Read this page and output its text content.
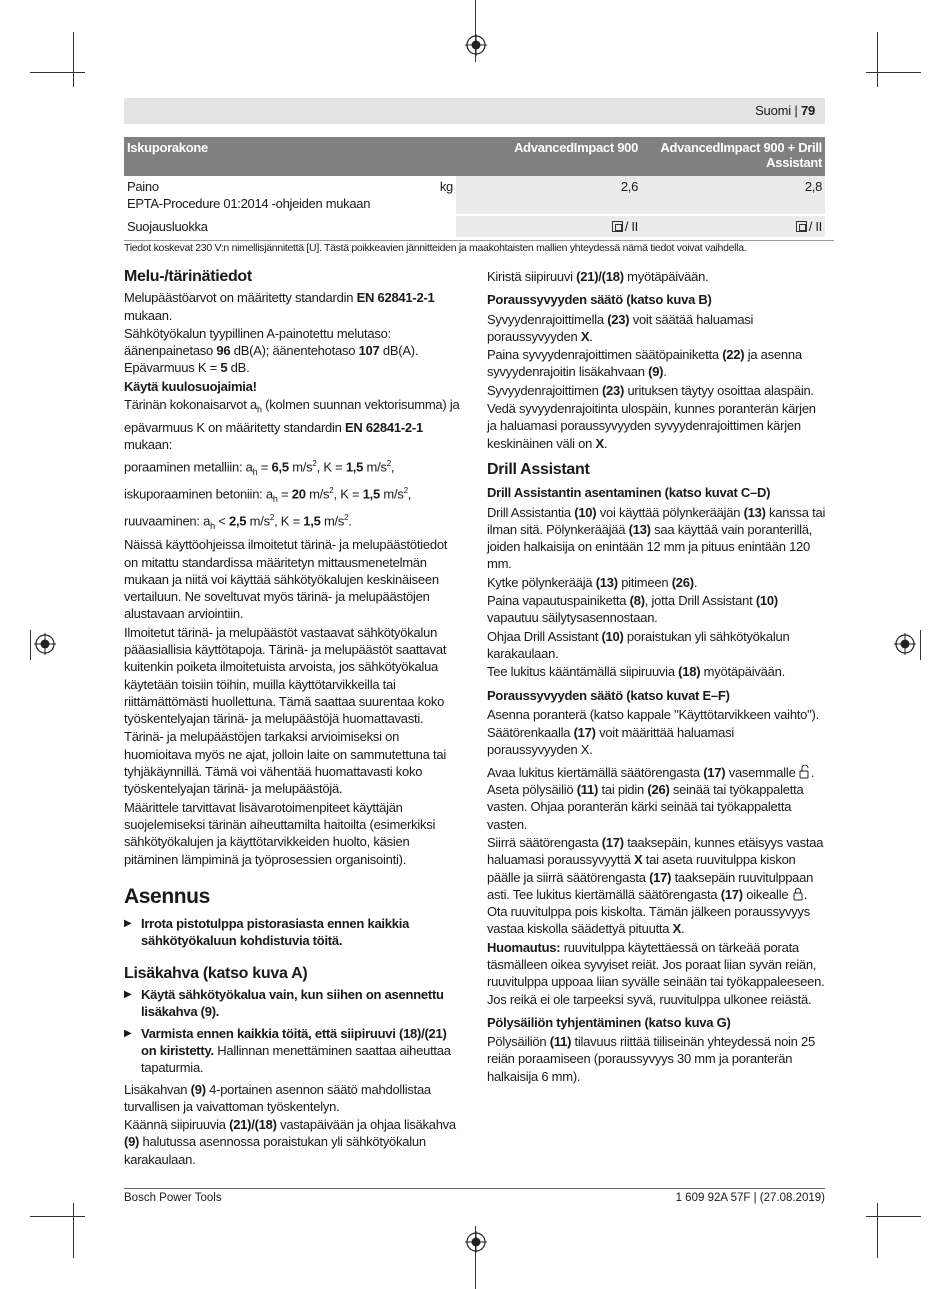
Suomi | 79
Iskuporakone		AdvancedImpact 900	AdvancedImpact 900 + Drill Assistant
Paino
EPTA-Procedure 01:2014 -ohjeiden mukaan	kg	2,6	2,8
Suojausluokka		/ II	/ II
Tiedot koskevat 230 V:n nimellisjännitettä [U]. Tästä poikkeavien jännitteiden ja maakohtaisten mallien yhteydessä nämä tiedot voivat vaihdella.
Melu-/tärinätiedot

Melupäästöarvot on määritetty standardin EN 62841-2-1 mukaan.

Sähkötyökalun tyypillinen A-painotettu melutaso: äänenpainetaso 96 dB(A); äänentehotaso 107 dB(A). Epävarmuus K = 5 dB.

Käytä kuulosuojaimia!

Tärinän kokonaisarvot $a_h$ (kolmen suunnan vektorisumma) ja epävarmuus K on määritetty standardin EN 62841-2-1 mukaan:

poraaminen metalliin: $a_h = 6,5$ $m/s^2$, K = 1,5 $m/s^2$,

iskuporaaminen betoniin: $a_h = 20$ $m/s^2$, K = 1,5 $m/s^2$,

ruuvaaminen: $a_h < 2,5$ $m/s^2$, K = 1,5 $m/s^2$.

Näissä käyttöohjeissa ilmoitetut tärinä- ja melupäästötiedot on mitattu standardissa määritetyn mittausmenetelmän mukaan ja niitä voi käyttää sähkötyökalujen keskinäiseen vertailuun. Ne soveltuvat myös tärinä- ja melupäästöjen alustavaan arviointiin.

Ilmoitetut tärinä- ja melupäästöt vastaavat sähkötyökalun pääasiallisia käyttötapoja. Tärinä- ja melupäästöt saattavat kuitenkin poiketa ilmoitetuista arvoista, jos sähkötyökalua käytetään toisiin töihin, muilla käyttötarvikkeilla tai riittämättömästi huollettuna. Tämä saattaa suurentaa koko työskentelyajan tärinä- ja melupäästöjä huomattavasti.

Tärinä- ja melupäästöjen tarkaksi arvioimiseksi on huomioitava myös ne ajat, jolloin laite on sammutettuna tai tyhjäkäynnillä. Tämä voi vähentää huomattavasti koko työskentelyajan tärinä- ja melupäästöjä.

Määrittele tarvittavat lisävarotoimenpiteet käyttäjän suojelemiseksi tärinän aiheuttamilta haitoilta (esimerkiksi sähkötyökalujen ja käyttötarvikkeiden huolto, käsien pitäminen lämpiminä ja työprosessien organisointi).

Asennus

▶ Irrota pistotulppa pistorasiasta ennen kaikkia sähkötyökaluun kohdistuvia töitä.

Lisäkahva (katso kuva A)

▶ Käytä sähkötyökalua vain, kun siihen on asennettu lisäkahva (9).

▶ Varmista ennen kaikkia töitä, että siipiruuvi (18)/(21) on kiristetty. Hallinnan menettäminen saattaa aiheuttaa tapaturmia.

Lisäkahvan (9) 4-portainen asennon säätö mahdollistaa turvallisen ja vaivattoman työskentelyn.

Käännä siipiruuvia (21)/(18) vastapäivään ja ohjaa lisäkahva (9) halutussa asennossa poraistukan yli sähkötyökalun karakaulaan.

Kiristä siipiruuvi (21)/(18) myötäpäivään.

Poraussyvyyden säätö (katso kuva B)

Syvyydenrajoittimella (23) voit säätää haluamasi poraussyvyyden X.

Paina syvyydenrajoittimen säätöpainiketta (22) ja asenna syvyydenrajoitin lisäkahvaan (9).

Syvyydenrajoittimen (23) urituksen täytyy osoittaa alaspäin.

Vedä syvyydenrajoitinta ulospäin, kunnes poranterän kärjen ja haluamasi poraussyvyyden syvyydenrajoittimen kärjen keskinäinen väli on X.

Drill Assistant
Drill Assistantin asentaminen (katso kuvat C–D)

Drill Assistantia (10) voi käyttää pölynkerääjän (13) kanssa tai ilman sitä. Pölynkerääjää (13) saa käyttää vain poranterillä, joiden halkaisija on enintään 12 mm ja pituus enintään 120 mm.

Kytke pölynkerääjä (13) pitimeen (26).

Paina vapautuspainiketta (8), jotta Drill Assistant (10) vapautuu säilytysasennostaan.

Ohjaa Drill Assistant (10) poraistukan yli sähkötyökalun karakaulaan.

Tee lukitus kääntämällä siipiruuvia (18) myötäpäivään.

Poraussyvyyden säätö (katso kuvat E–F)

Asenna poranterä (katso kappale "Käyttötarvikkeen vaihto").

Säätörenkaalla (17) voit määrittää haluamasi poraussyvyyden X.

Avaa lukitus kiertämällä säätörengasta (17) vasemmalle . Aseta pölysäiliö (11) tai pidin (26) seinää tai työkappaletta vasten. Ohjaa poranterän kärki seinää tai työkappaletta vasten.

Siirrä säätörengasta (17) taaksepäin, kunnes etäisyys vastaa haluamasi poraussyvyyttä X tai aseta ruuvitulppa kiskon päälle ja siirrä säätörengasta (17) taaksepäin ruuvitulppaan asti. Tee lukitus kiertämällä säätörengasta (17) oikealle . Ota ruuvitulppa pois kiskolta. Tämän jälkeen poraussyvyys vastaa kiskolla säädettyä pituutta X.

Huomautus: ruuvitulppa käytettäessä on tärkeää porata täsmälleen oikea syvyiset reiät. Jos poraat liian syvän reiän, ruuvitulppa uppoaa liian syvälle seinään tai työkappaleeseen. Jos reikä ei ole tarpeeksi syvä, ruuvitulppa ulkonee reiästä.

Pölysäiliön tyhjentäminen (katso kuva G)

Pölysäiliön (11) tilavuus riittää tiiliseinän yhteydessä noin 25 reiän poraamiseen (poraussyvyys 30 mm ja poranterän halkaisija 6 mm).

Bosch Power Tools	1 609 92A 57F | (27.08.2019)
